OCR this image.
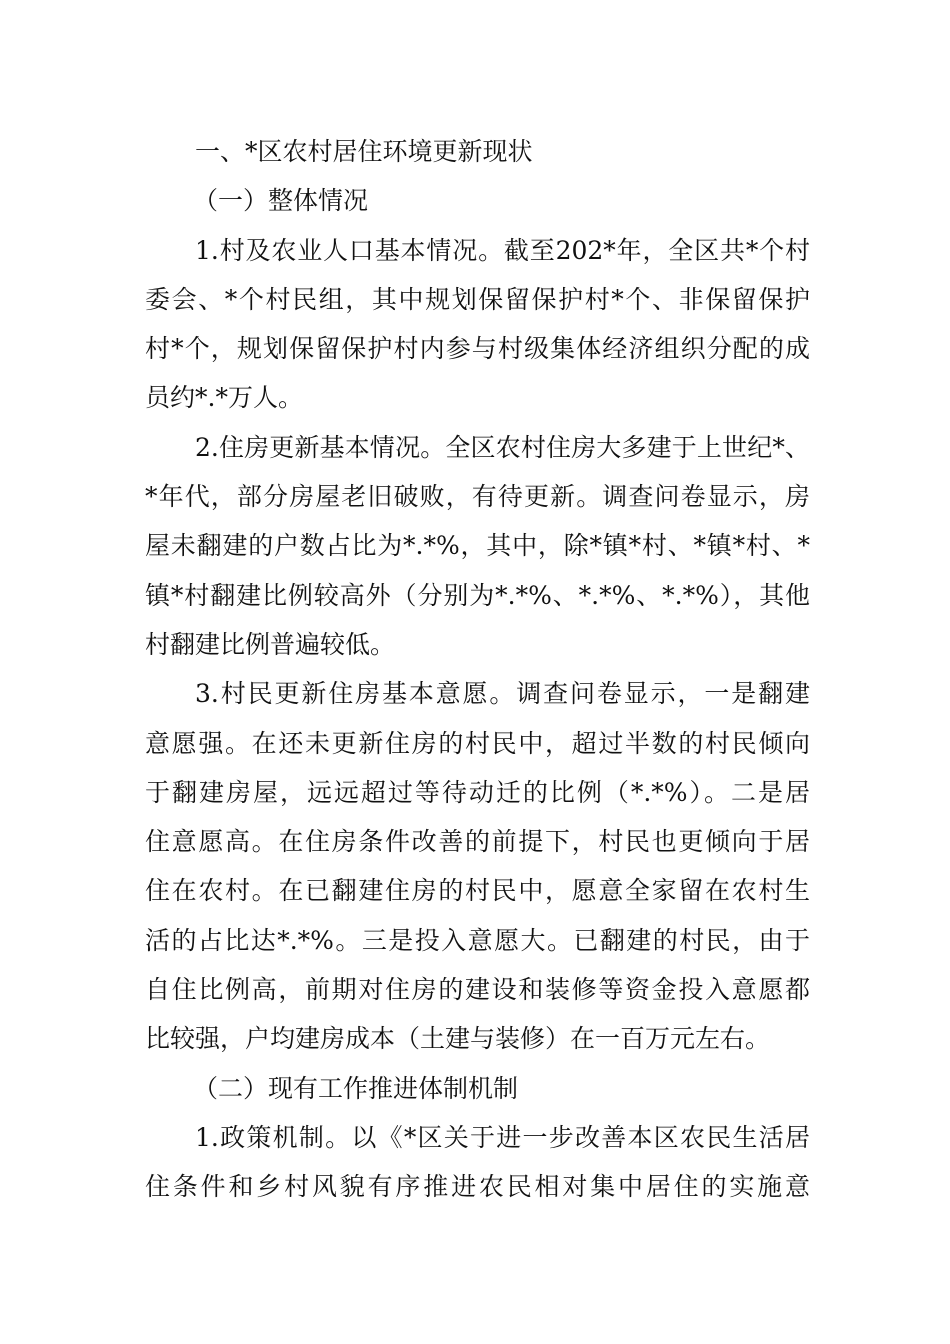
一、*区农村居住环境更新现状
（一）整体情况
1.村及农业人口基本情况。截至202*年，全区共*个村
委会、*个村民组，其中规划保留保护村*个、非保留保护
村*个，规划保留保护村内参与村级集体经济组织分配的成
员约*.*万人。
2.住房更新基本情况。全区农村住房大多建于上世纪*、
*年代，部分房屋老旧破败，有待更新。调查问卷显示，房
屋未翻建的户数占比为*.*%，其中，除*镇*村、*镇*村、*
镇*村翻建比例较高外（分别为*.*%、*.*%、*.*%），其他
村翻建比例普遍较低。
3.村民更新住房基本意愿。调查问卷显示，一是翻建
意愿强。在还未更新住房的村民中，超过半数的村民倾向
于翻建房屋，远远超过等待动迁的比例（*.*%）。二是居
住意愿高。在住房条件改善的前提下，村民也更倾向于居
住在农村。在已翻建住房的村民中，愿意全家留在农村生
活的占比达*.*%。三是投入意愿大。已翻建的村民，由于
自住比例高，前期对住房的建设和装修等资金投入意愿都
比较强，户均建房成本（土建与装修）在一百万元左右。
（二）现有工作推进体制机制
1.政策机制。以《*区关于进一步改善本区农民生活居
住条件和乡村风貌有序推进农民相对集中居住的实施意
